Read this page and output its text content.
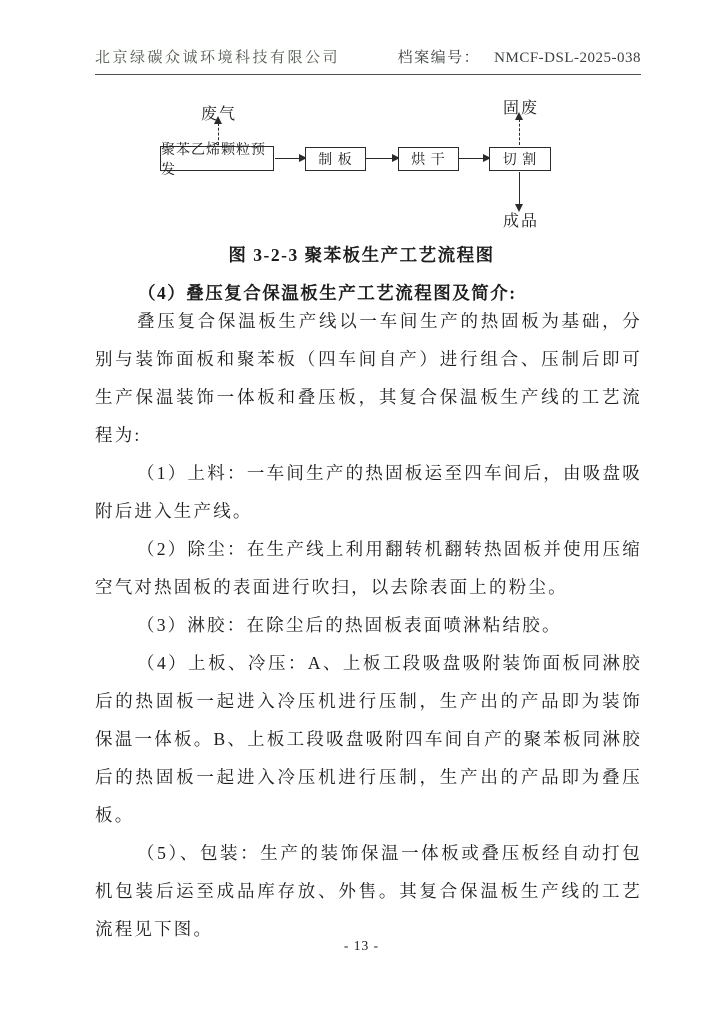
北京绿碳众诚环境科技有限公司	档案编号： NMCF-DSL-2025-038
废气
聚苯乙烯颗粒预发
制 板	烘 干	切 割
固废
成品
图 3-2-3 聚苯板生产工艺流程图
（4）叠压复合保温板生产工艺流程图及简介:

叠压复合保温板生产线以一车间生产的热固板为基础，分别与装饰面板和聚苯板（四车间自产）进行组合、压制后即可生产保温装饰一体板和叠压板，其复合保温板生产线的工艺流程为:

（1）上料：一车间生产的热固板运至四车间后，由吸盘吸附后进入生产线。

（2）除尘：在生产线上利用翻转机翻转热固板并使用压缩空气对热固板的表面进行吹扫，以去除表面上的粉尘。

（3）淋胶：在除尘后的热固板表面喷淋粘结胶。

（4）上板、冷压：A、上板工段吸盘吸附装饰面板同淋胶后的热固板一起进入冷压机进行压制，生产出的产品即为装饰保温一体板。B、上板工段吸盘吸附四车间自产的聚苯板同淋胶后的热固板一起进入冷压机进行压制，生产出的产品即为叠压板。

（5）、包装：生产的装饰保温一体板或叠压板经自动打包机包装后运至成品库存放、外售。其复合保温板生产线的工艺流程见下图。

- 13 -
